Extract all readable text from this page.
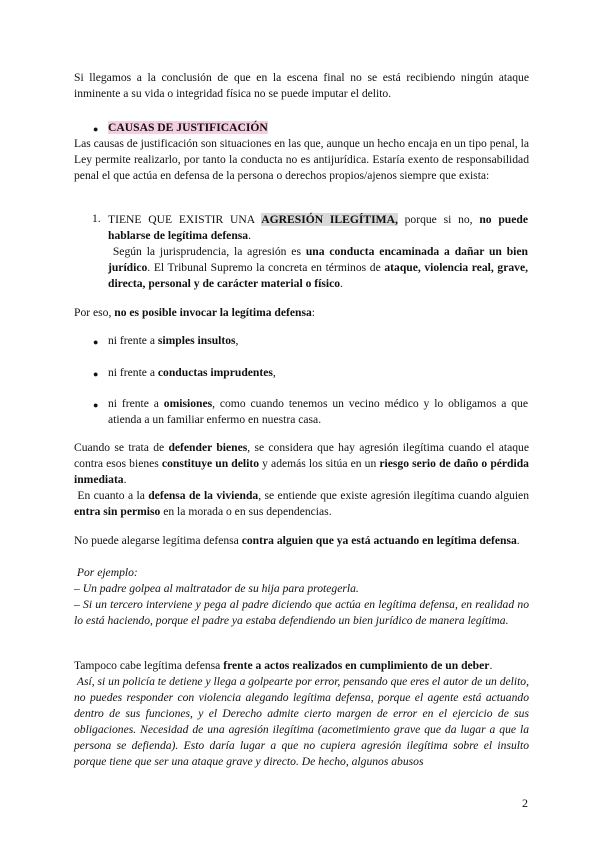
Si llegamos a la conclusión de que en la escena final no se está recibiendo ningún ataque inminente a su vida o integridad física no se puede imputar el delito.

● CAUSAS DE JUSTIFICACIÓN

Las causas de justificación son situaciones en las que, aunque un hecho encaja en un tipo penal, la Ley permite realizarlo, por tanto la conducta no es antijurídica. Estaría exento de responsabilidad penal el que actúa en defensa de la persona o derechos propios/ajenos siempre que exista:

1. TIENE QUE EXISTIR UNA AGRESIÓN ILEGÍTIMA, porque si no, no puede hablarse de legítima defensa.

Según la jurisprudencia, la agresión es una conducta encaminada a dañar un bien jurídico. El Tribunal Supremo la concreta en términos de ataque, violencia real, grave, directa, personal y de carácter material o físico.

Por eso, no es posible invocar la legítima defensa:

● ni frente a simples insultos,
● ni frente a conductas imprudentes,
● ni frente a omisiones, como cuando tenemos un vecino médico y lo obligamos a que atienda a un familiar enfermo en nuestra casa.

Cuando se trata de defender bienes, se considera que hay agresión ilegítima cuando el ataque contra esos bienes constituye un delito y además los sitúa en un riesgo serio de daño o pérdida inmediata.

En cuanto a la defensa de la vivienda, se entiende que existe agresión ilegítima cuando alguien entra sin permiso en la morada o en sus dependencias.

No puede alegarse legítima defensa contra alguien que ya está actuando en legítima defensa.

Por ejemplo:

– Un padre golpea al maltratador de su hija para protegerla.

– Si un tercero interviene y pega al padre diciendo que actúa en legítima defensa, en realidad no lo está haciendo, porque el padre ya estaba defendiendo un bien jurídico de manera legítima.

Tampoco cabe legítima defensa frente a actos realizados en cumplimiento de un deber.

Así, si un policía te detiene y llega a golpearte por error, pensando que eres el autor de un delito, no puedes responder con violencia alegando legítima defensa, porque el agente está actuando dentro de sus funciones, y el Derecho admite cierto margen de error en el ejercicio de sus obligaciones. Necesidad de una agresión ilegítima (acometimiento grave que da lugar a que la persona se defienda). Esto daría lugar a que no cupiera agresión ilegítima sobre el insulto porque tiene que ser una ataque grave y directo. De hecho, algunos abusos

2
